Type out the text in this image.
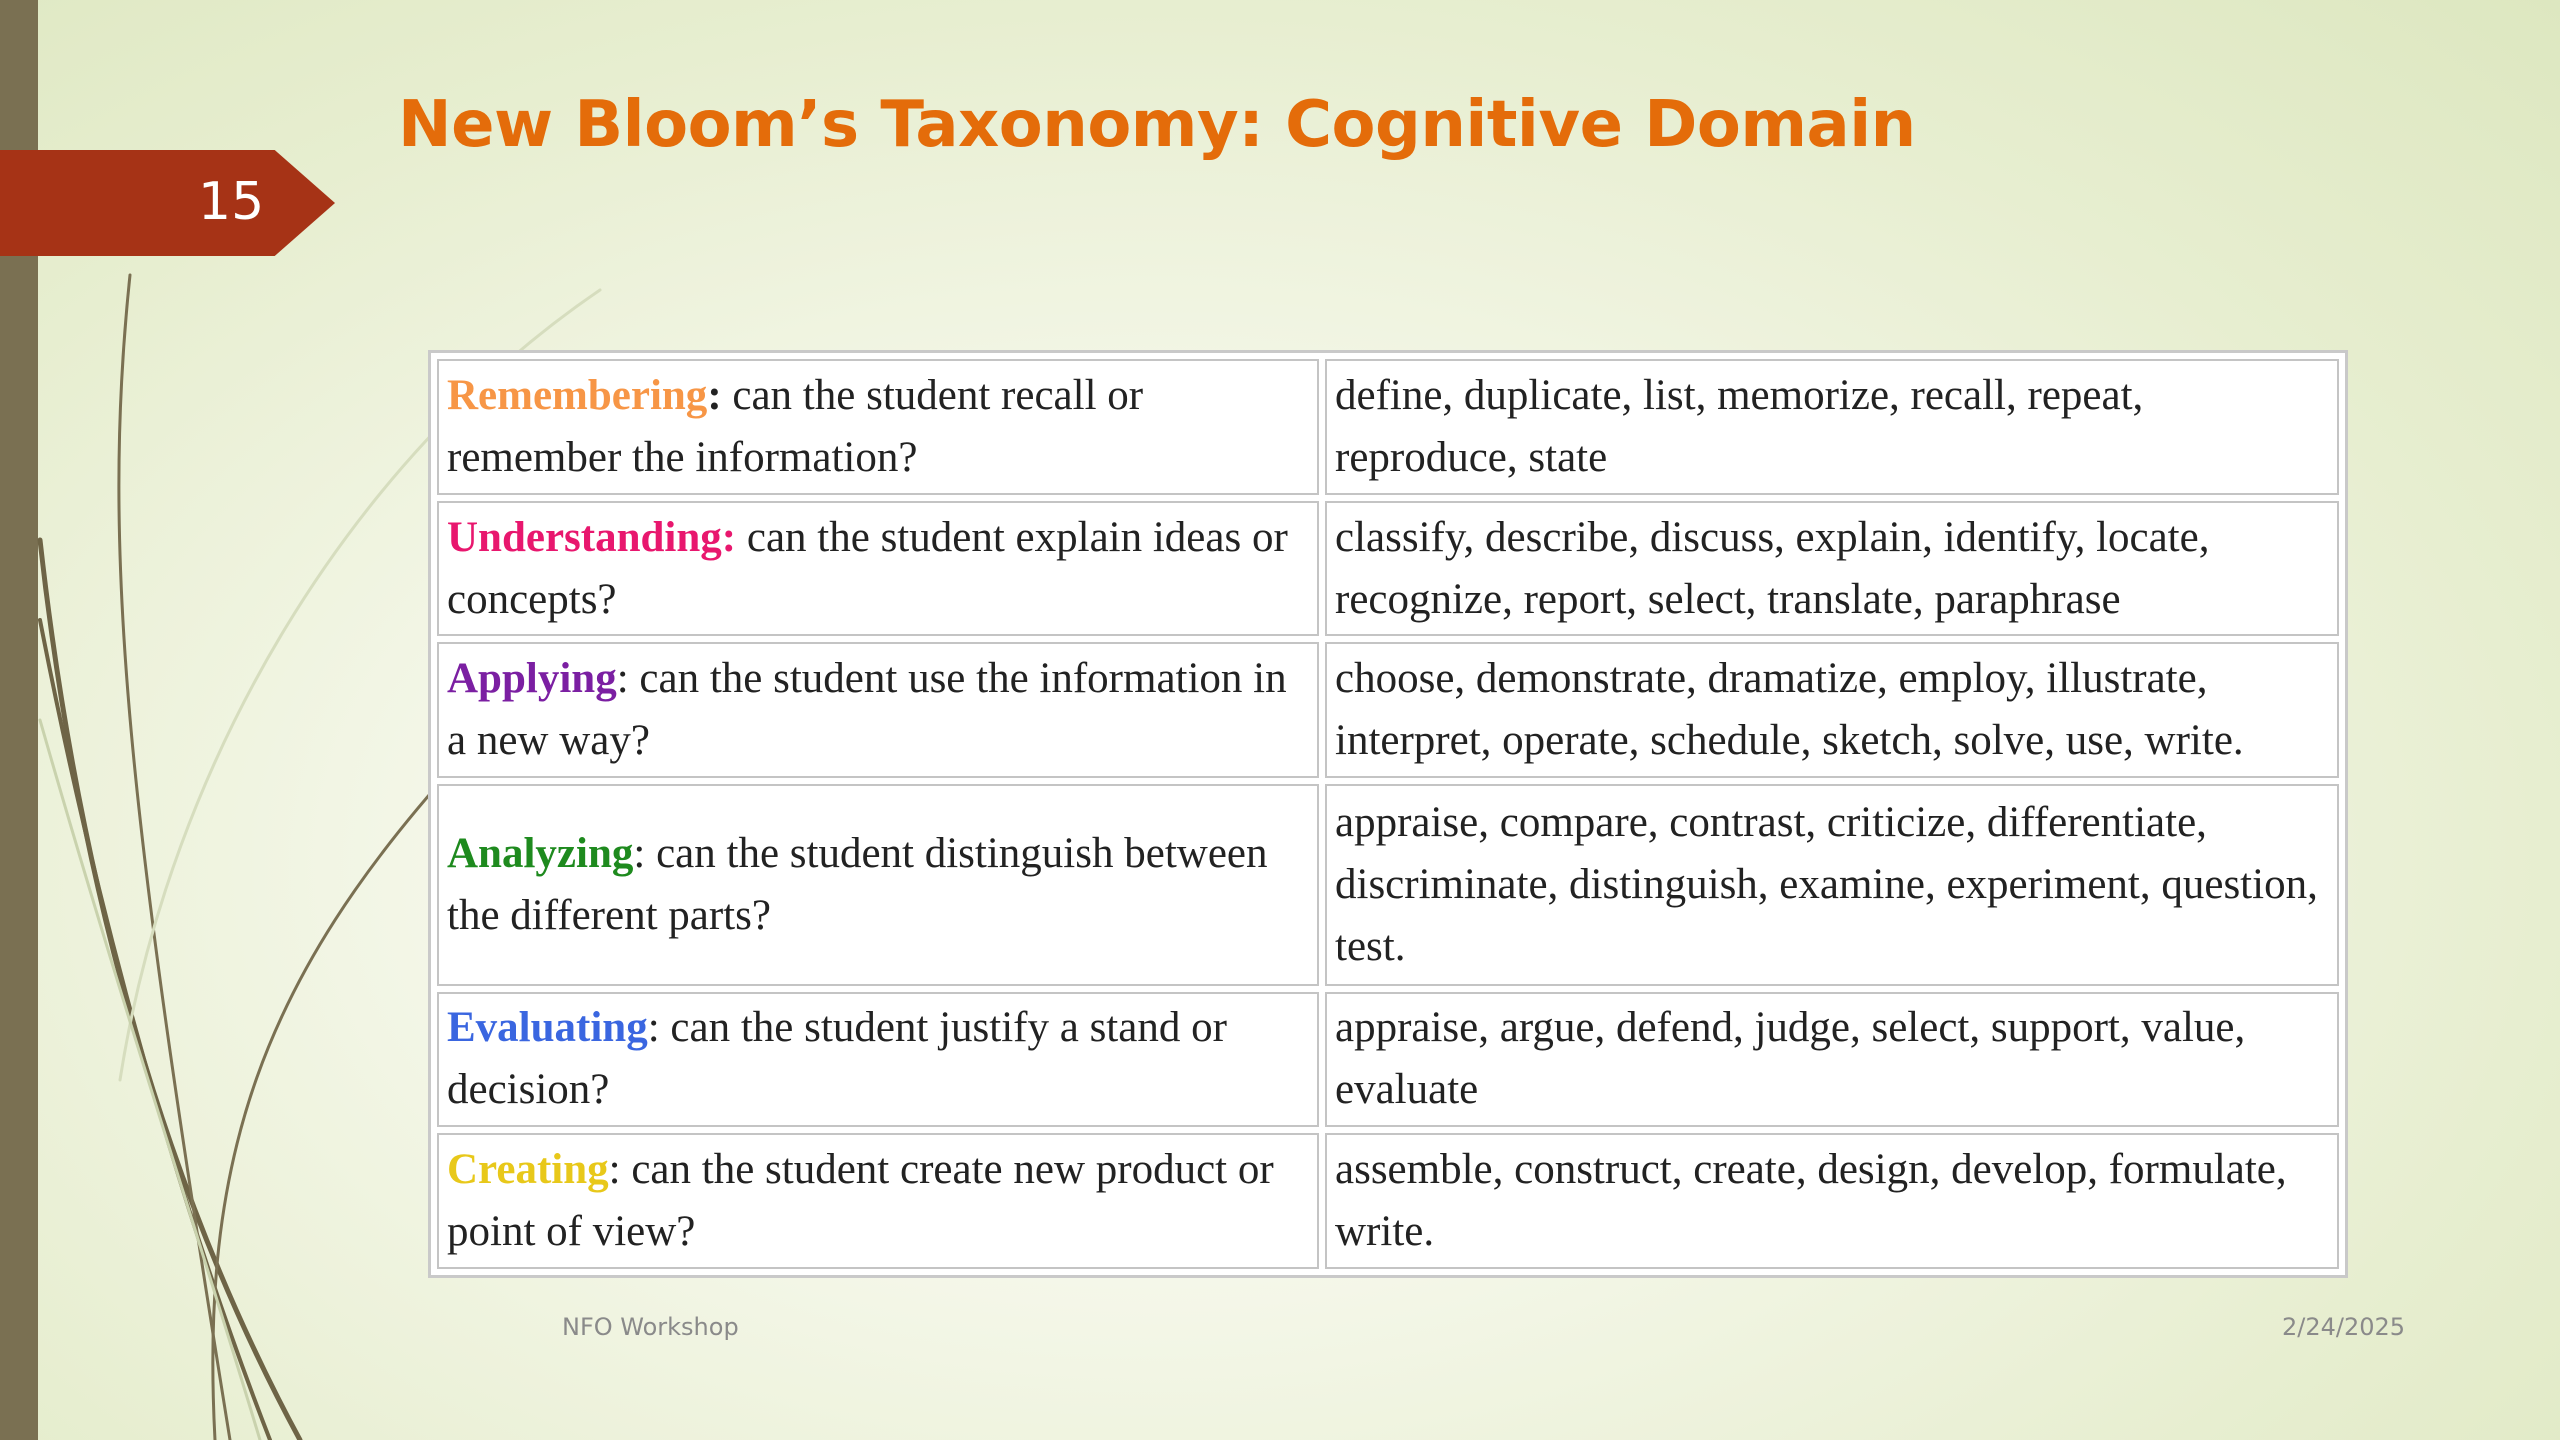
15
New Bloom’s Taxonomy: Cognitive Domain
Remembering: can the student recall or remember the information?	define, duplicate, list, memorize, recall, repeat, reproduce, state
Understanding: can the student explain ideas or concepts?	classify, describe, discuss, explain, identify, locate, recognize, report, select, translate, paraphrase
Applying: can the student use the information in a new way?	choose, demonstrate, dramatize, employ, illustrate, interpret, operate, schedule, sketch, solve, use, write.
Analyzing: can the student distinguish between the different parts?	appraise, compare, contrast, criticize, differentiate, discriminate, distinguish, examine, experiment, question, test.
Evaluating: can the student justify a stand or decision?	appraise, argue, defend, judge, select, support, value, evaluate
Creating: can the student create new product or point of view?	assemble, construct, create, design, develop, formulate, write.
NFO Workshop	2/24/2025
